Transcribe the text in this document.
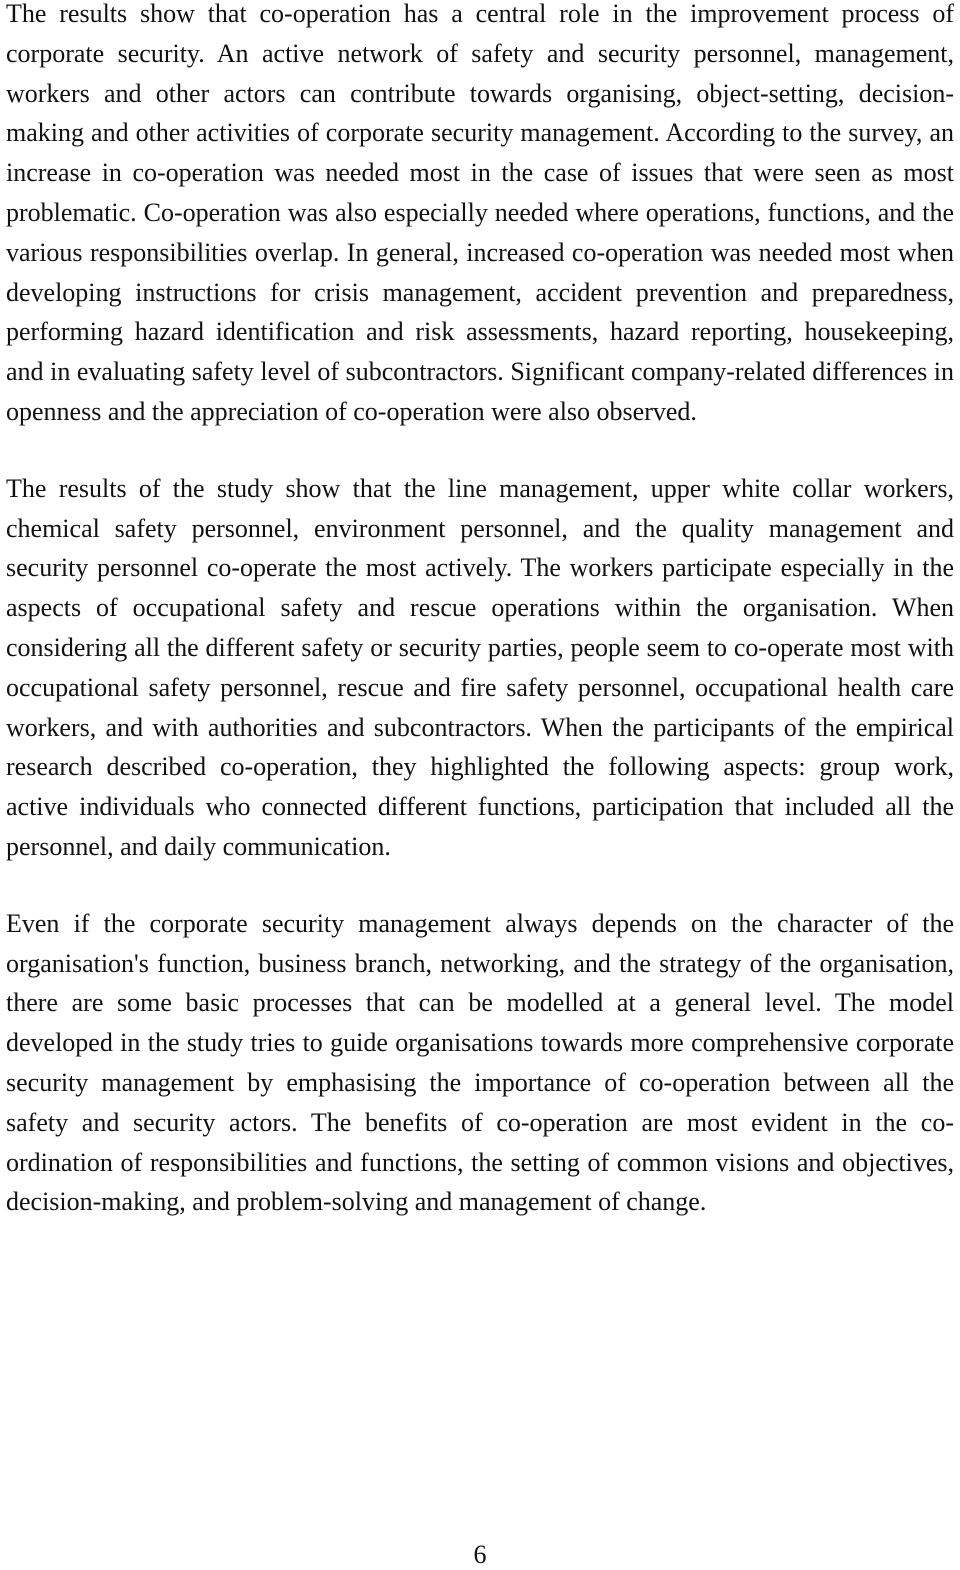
The results show that co-operation has a central role in the improvement process of corporate security. An active network of safety and security personnel, management, workers and other actors can contribute towards organising, object-setting, decision-making and other activities of corporate security management. According to the survey, an increase in co-operation was needed most in the case of issues that were seen as most problematic. Co-operation was also especially needed where operations, functions, and the various responsibilities overlap. In general, increased co-operation was needed most when developing instructions for crisis management, accident prevention and preparedness, performing hazard identification and risk assessments, hazard reporting, housekeeping, and in evaluating safety level of subcontractors. Significant company-related differences in openness and the appreciation of co-operation were also observed.

The results of the study show that the line management, upper white collar workers, chemical safety personnel, environment personnel, and the quality management and security personnel co-operate the most actively. The workers participate especially in the aspects of occupational safety and rescue operations within the organisation. When considering all the different safety or security parties, people seem to co-operate most with occupational safety personnel, rescue and fire safety personnel, occupational health care workers, and with authorities and subcontractors. When the participants of the empirical research described co-operation, they highlighted the following aspects: group work, active individuals who connected different functions, participation that included all the personnel, and daily communication.

Even if the corporate security management always depends on the character of the organisation's function, business branch, networking, and the strategy of the organisation, there are some basic processes that can be modelled at a general level. The model developed in the study tries to guide organisations towards more comprehensive corporate security management by emphasising the importance of co-operation between all the safety and security actors. The benefits of co-operation are most evident in the co-ordination of responsibilities and functions, the setting of common visions and objectives, decision-making, and problem-solving and management of change.

6
